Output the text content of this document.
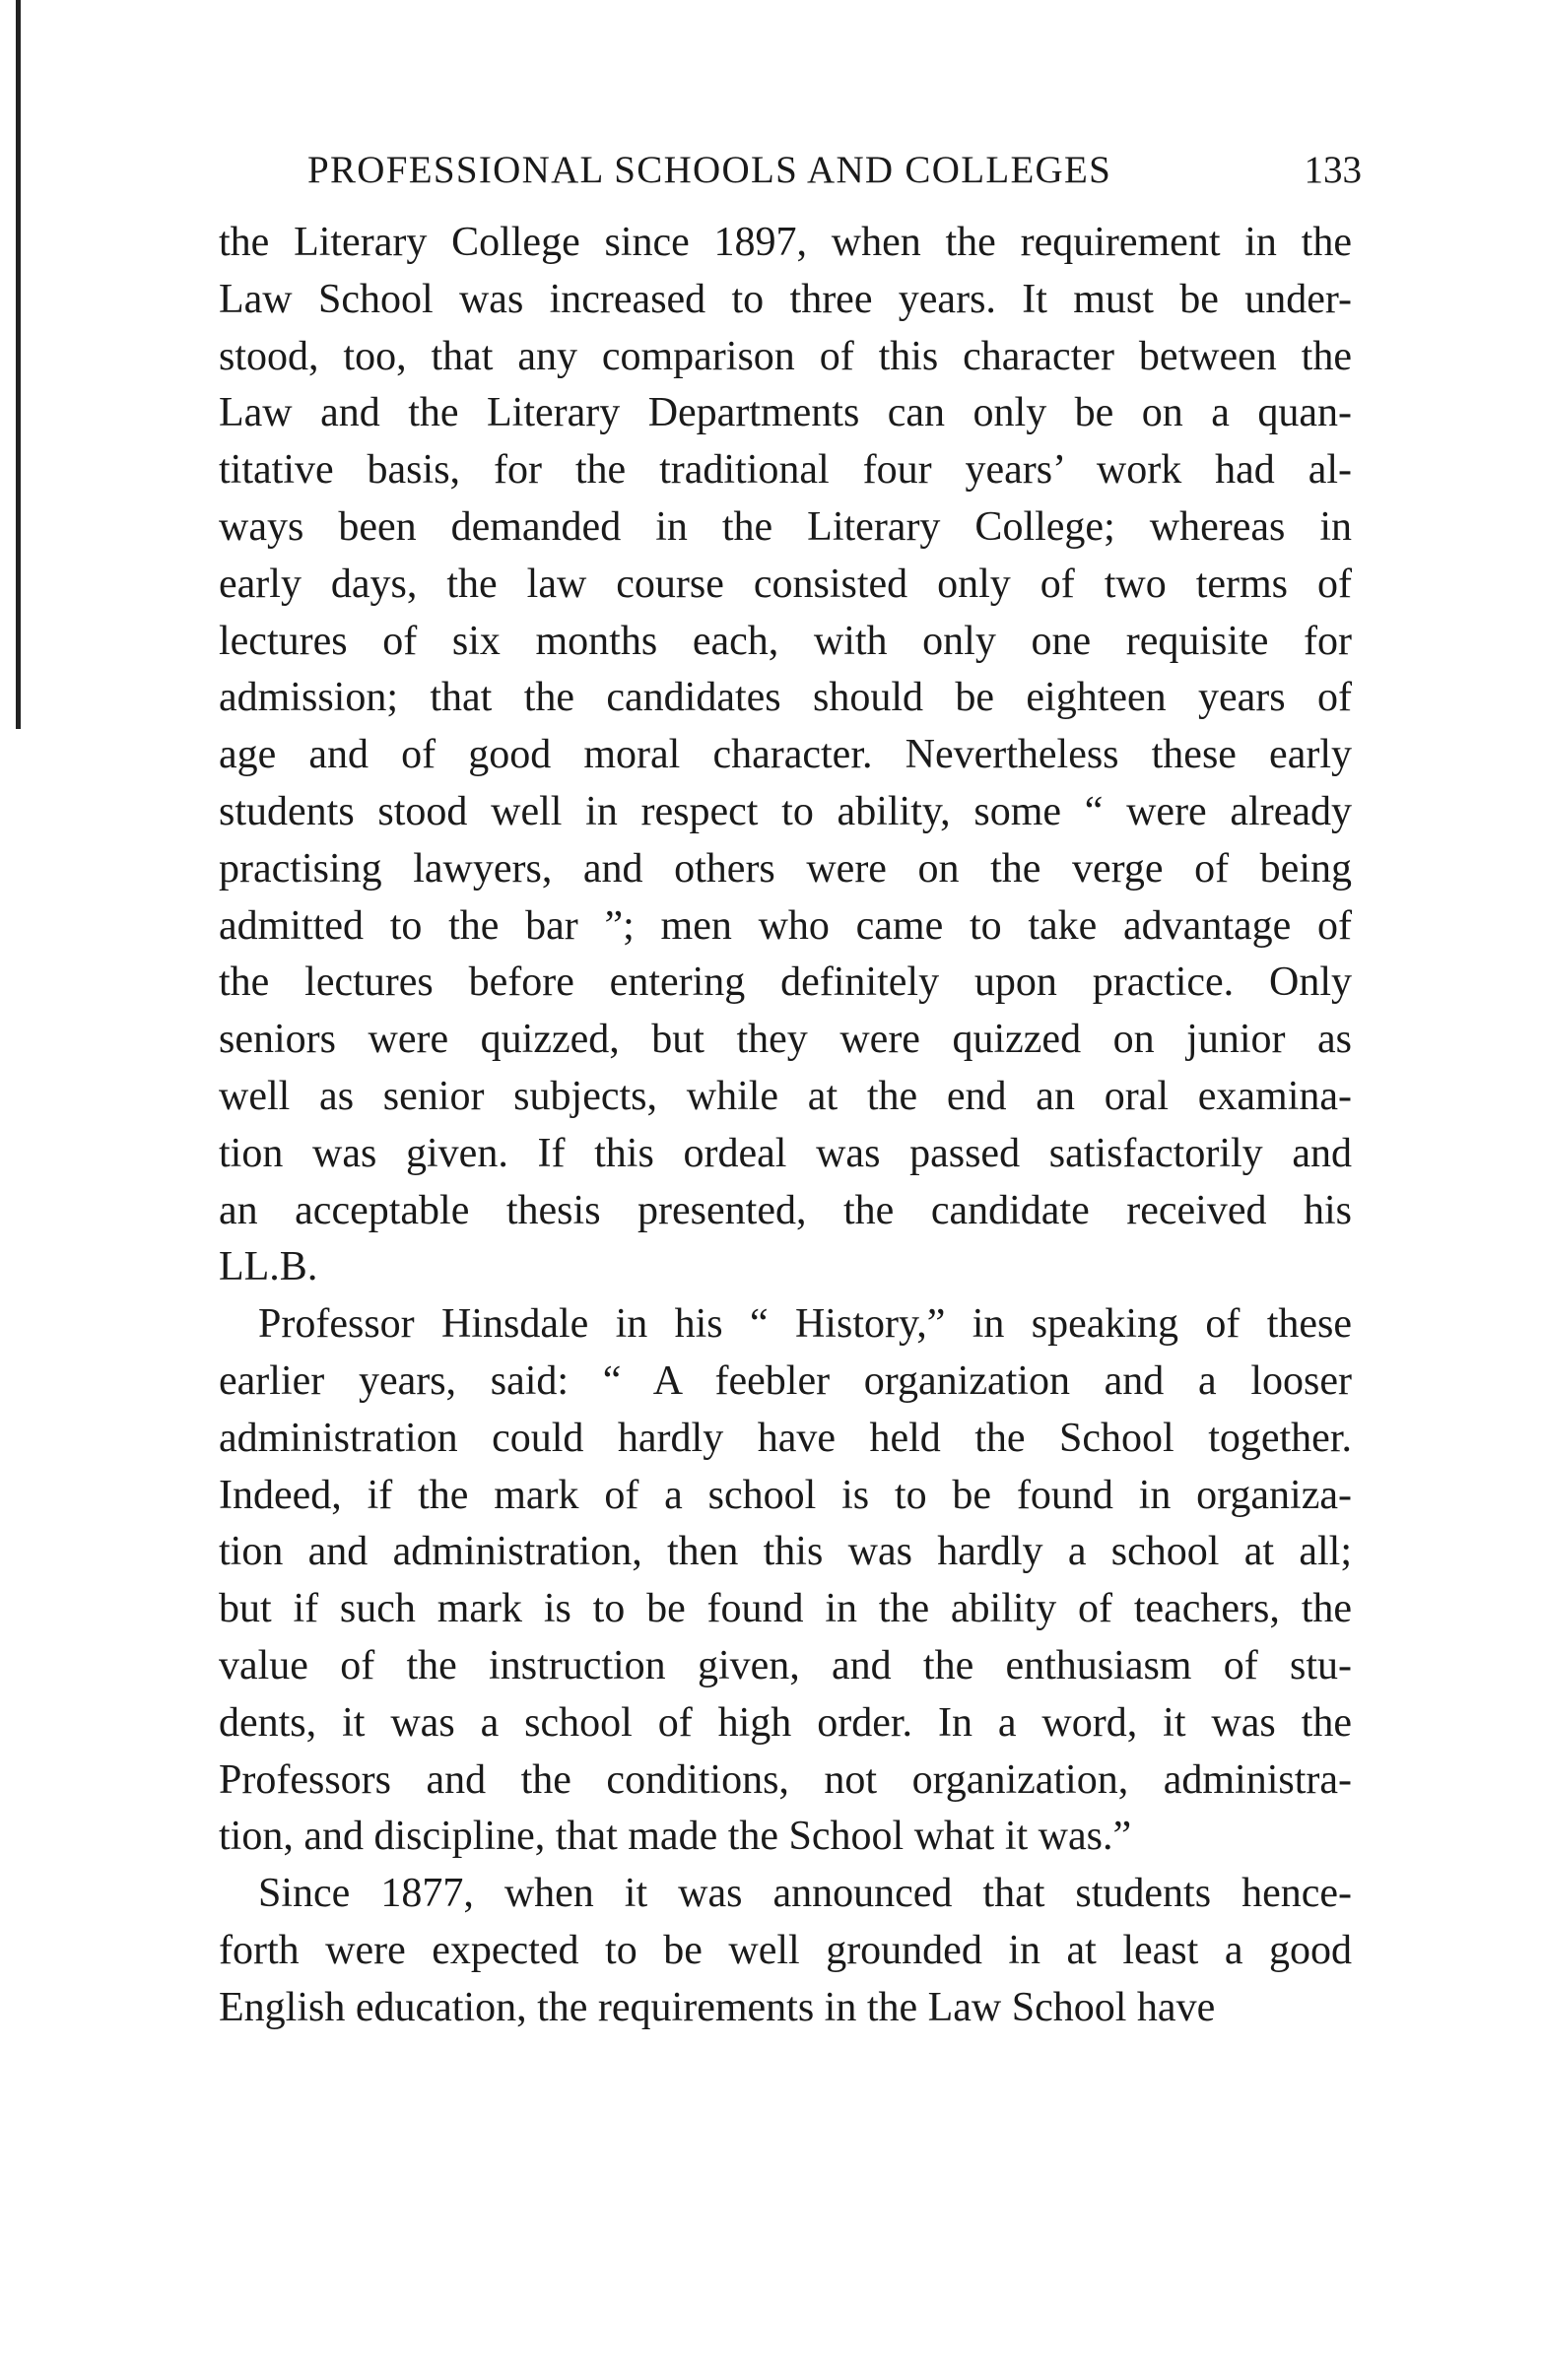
PROFESSIONAL SCHOOLS AND COLLEGES	133
the Literary College since 1897, when the requirement in the
Law School was increased to three years. It must be under-
stood, too, that any comparison of this character between the
Law and the Literary Departments can only be on a quan-
titative basis, for the traditional four years’ work had al-
ways been demanded in the Literary College; whereas in
early days, the law course consisted only of two terms of
lectures of six months each, with only one requisite for
admission; that the candidates should be eighteen years of
age and of good moral character. Nevertheless these early
students stood well in respect to ability, some “ were already
practising lawyers, and others were on the verge of being
admitted to the bar ”; men who came to take advantage of
the lectures before entering definitely upon practice. Only
seniors were quizzed, but they were quizzed on junior as
well as senior subjects, while at the end an oral examina-
tion was given. If this ordeal was passed satisfactorily and
an acceptable thesis presented, the candidate received his
LL.B.
Professor Hinsdale in his “ History,” in speaking of these
earlier years, said: “ A feebler organization and a looser
administration could hardly have held the School together.
Indeed, if the mark of a school is to be found in organiza-
tion and administration, then this was hardly a school at all;
but if such mark is to be found in the ability of teachers, the
value of the instruction given, and the enthusiasm of stu-
dents, it was a school of high order. In a word, it was the
Professors and the conditions, not organization, administra-
tion, and discipline, that made the School what it was.”
Since 1877, when it was announced that students hence-
forth were expected to be well grounded in at least a good
English education, the requirements in the Law School have
